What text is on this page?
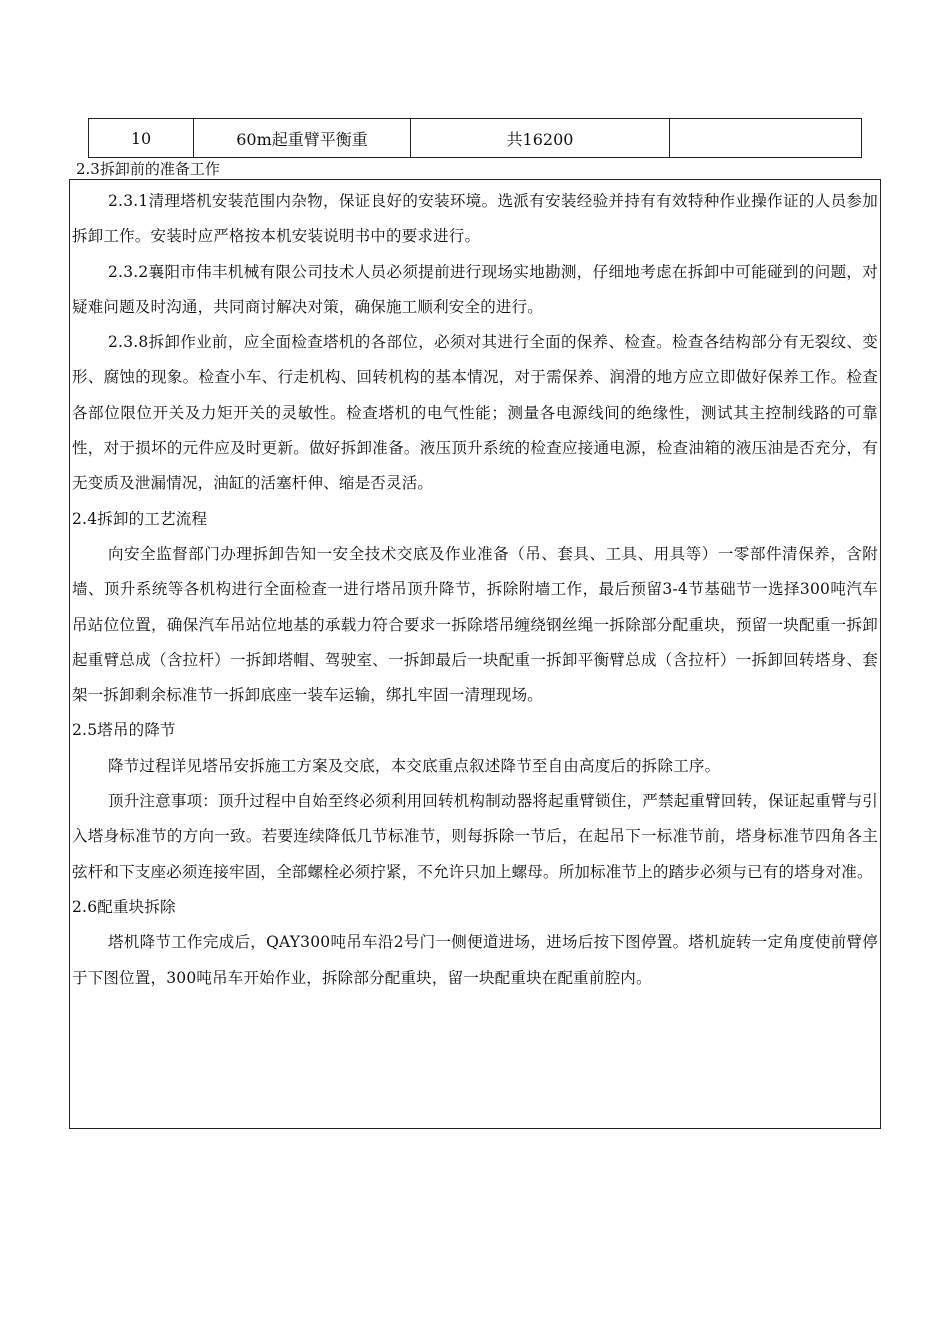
10	60m起重臂平衡重	共16200	
2.3拆卸前的准备工作

2.3.1清理塔机安装范围内杂物，保证良好的安装环境。选派有安装经验并持有有效特种作业操作证的人员参加拆卸工作。安装时应严格按本机安装说明书中的要求进行。

2.3.2襄阳市伟丰机械有限公司技术人员必须提前进行现场实地勘测，仔细地考虑在拆卸中可能碰到的问题，对疑难问题及时沟通，共同商讨解决对策，确保施工顺利安全的进行。

2.3.8拆卸作业前，应全面检查塔机的各部位，必须对其进行全面的保养、检查。检查各结构部分有无裂纹、变形、腐蚀的现象。检查小车、行走机构、回转机构的基本情况，对于需保养、润滑的地方应立即做好保养工作。检查各部位限位开关及力矩开关的灵敏性。检查塔机的电气性能；测量各电源线间的绝缘性，测试其主控制线路的可靠性，对于损坏的元件应及时更新。做好拆卸准备。液压顶升系统的检查应接通电源，检查油箱的液压油是否充分，有无变质及泄漏情况，油缸的活塞杆伸、缩是否灵活。

2.4拆卸的工艺流程

向安全监督部门办理拆卸告知一安全技术交底及作业准备（吊、套具、工具、用具等）一零部件清保养，含附墙、顶升系统等各机构进行全面检查一进行塔吊顶升降节，拆除附墙工作，最后预留3-4节基础节一选择300吨汽车吊站位位置，确保汽车吊站位地基的承载力符合要求一拆除塔吊缠绕钢丝绳一拆除部分配重块，预留一块配重一拆卸起重臂总成（含拉杆）一拆卸塔帽、驾驶室、一拆卸最后一块配重一拆卸平衡臂总成（含拉杆）一拆卸回转塔身、套架一拆卸剩余标准节一拆卸底座一装车运输，绑扎牢固一清理现场。

2.5塔吊的降节

降节过程详见塔吊安拆施工方案及交底，本交底重点叙述降节至自由高度后的拆除工序。

顶升注意事项：顶升过程中自始至终必须利用回转机构制动器将起重臂锁住，严禁起重臂回转，保证起重臂与引入塔身标准节的方向一致。若要连续降低几节标准节，则每拆除一节后，在起吊下一标准节前，塔身标准节四角各主弦杆和下支座必须连接牢固，全部螺栓必须拧紧，不允许只加上螺母。所加标准节上的踏步必须与已有的塔身对准。

2.6配重块拆除

塔机降节工作完成后，QAY300吨吊车沿2号门一侧便道进场，进场后按下图停置。塔机旋转一定角度使前臂停于下图位置，300吨吊车开始作业，拆除部分配重块，留一块配重块在配重前腔内。
